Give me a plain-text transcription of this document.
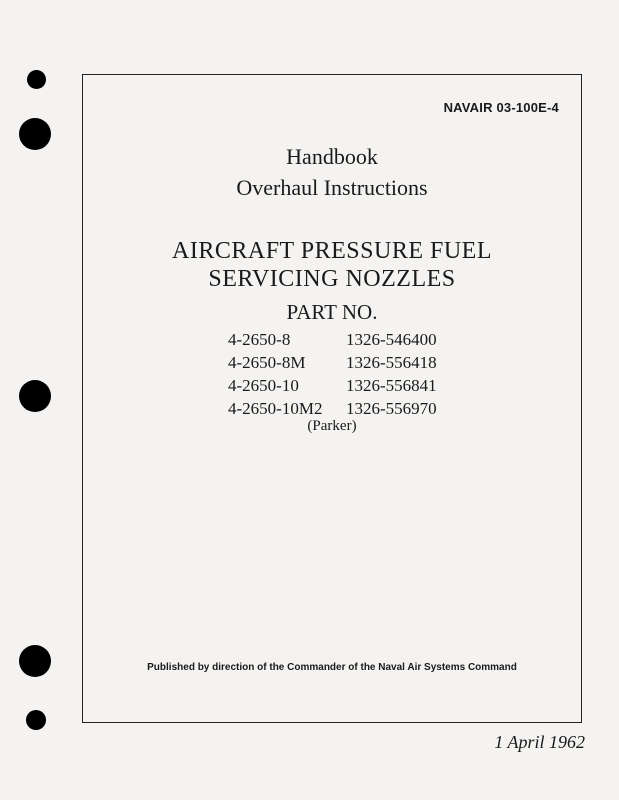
NAVAIR 03-100E-4
Handbook
Overhaul Instructions
AIRCRAFT PRESSURE FUEL
SERVICING NOZZLES
PART NO.
4-2650-8	1326-546400
4-2650-8M	1326-556418
4-2650-10	1326-556841
4-2650-10M2	1326-556970
(Parker)
Published by direction of the Commander of the Naval Air Systems Command
1 April 1962
